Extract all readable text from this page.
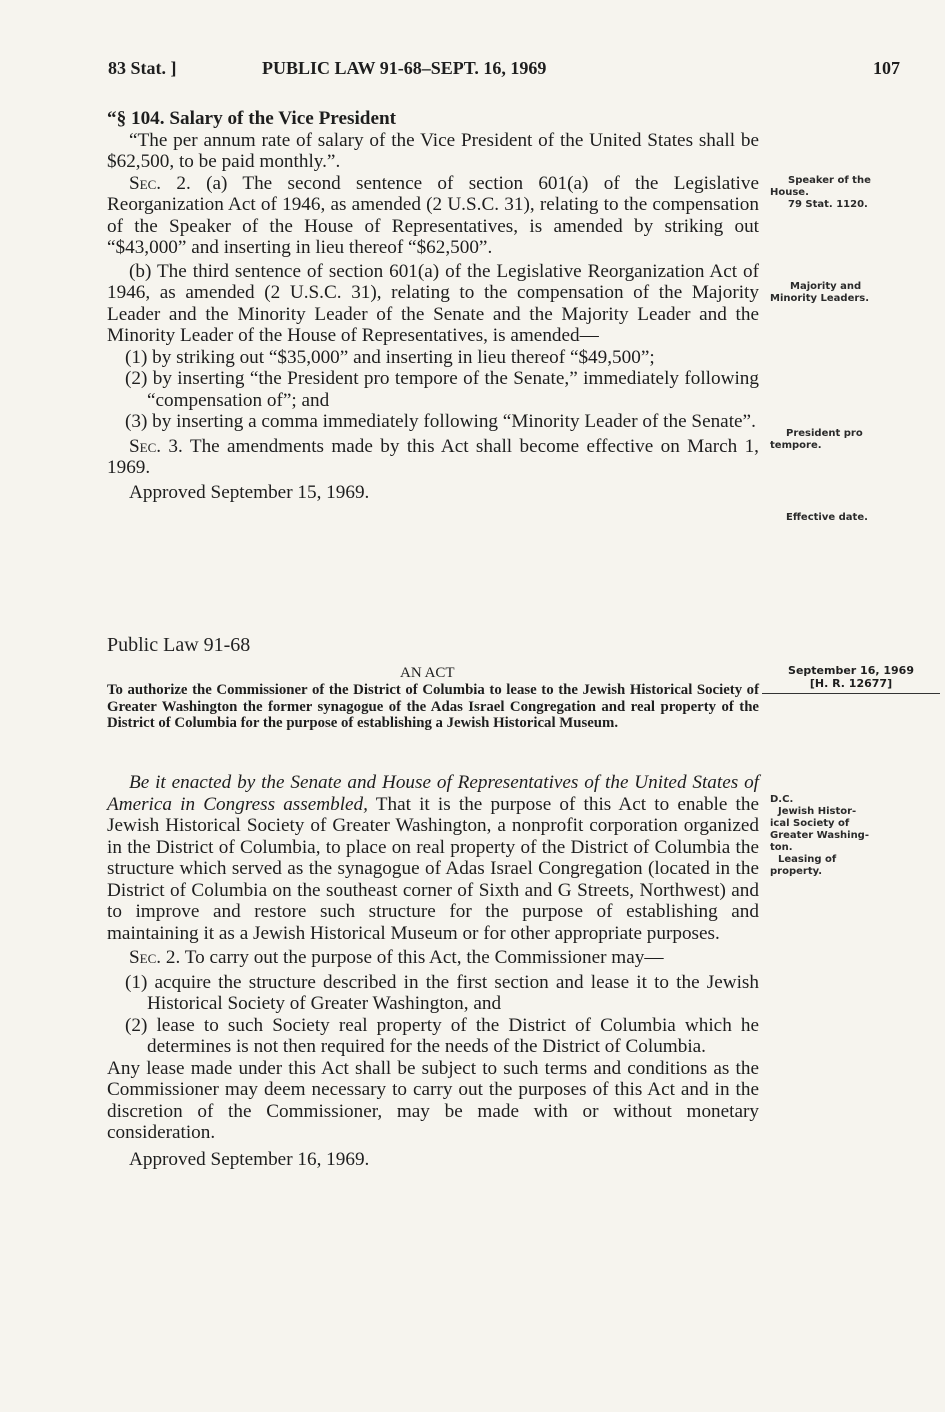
83 Stat. ]	PUBLIC LAW 91-68–SEPT. 16, 1969	107

“§ 104. Salary of the Vice President

“The per annum rate of salary of the Vice President of the United States shall be $62,500, to be paid monthly.”.

Sec. 2. (a) The second sentence of section 601(a) of the Legislative Reorganization Act of 1946, as amended (2 U.S.C. 31), relating to the compensation of the Speaker of the House of Representatives, is amended by striking out “$43,000” and inserting in lieu thereof “$62,500”.

(b) The third sentence of section 601(a) of the Legislative Reorganization Act of 1946, as amended (2 U.S.C. 31), relating to the compensation of the Majority Leader and the Minority Leader of the Senate and the Majority Leader and the Minority Leader of the House of Representatives, is amended—

(1) by striking out “$35,000” and inserting in lieu thereof “$49,500”;

(2) by inserting “the President pro tempore of the Senate,” immediately following “compensation of”; and

(3) by inserting a comma immediately following “Minority Leader of the Senate”.

Sec. 3. The amendments made by this Act shall become effective on March 1, 1969.

Approved September 15, 1969.

Public Law 91-68
AN ACT
To authorize the Commissioner of the District of Columbia to lease to the Jewish Historical Society of Greater Washington the former synagogue of the Adas Israel Congregation and real property of the District of Columbia for the purpose of establishing a Jewish Historical Museum.
September 16, 1969
[H. R. 12677]

Be it enacted by the Senate and House of Representatives of the United States of America in Congress assembled, That it is the purpose of this Act to enable the Jewish Historical Society of Greater Washington, a nonprofit corporation organized in the District of Columbia, to place on real property of the District of Columbia the structure which served as the synagogue of Adas Israel Congregation (located in the District of Columbia on the southeast corner of Sixth and G Streets, Northwest) and to improve and restore such structure for the purpose of establishing and maintaining it as a Jewish Historical Museum or for other appropriate purposes.

Sec. 2. To carry out the purpose of this Act, the Commissioner may—

(1) acquire the structure described in the first section and lease it to the Jewish Historical Society of Greater Washington, and

(2) lease to such Society real property of the District of Columbia which he determines is not then required for the needs of the District of Columbia.

Any lease made under this Act shall be subject to such terms and conditions as the Commissioner may deem necessary to carry out the purposes of this Act and in the discretion of the Commissioner, may be made with or without monetary consideration.

Approved September 16, 1969.

Speaker of the
House.
79 Stat. 1120.
Majority and
Minority Leaders.
President pro
tempore.
Effective date.
D.C.
Jewish Histor-
ical Society of
Greater Washing-
ton.
Leasing of
property.
